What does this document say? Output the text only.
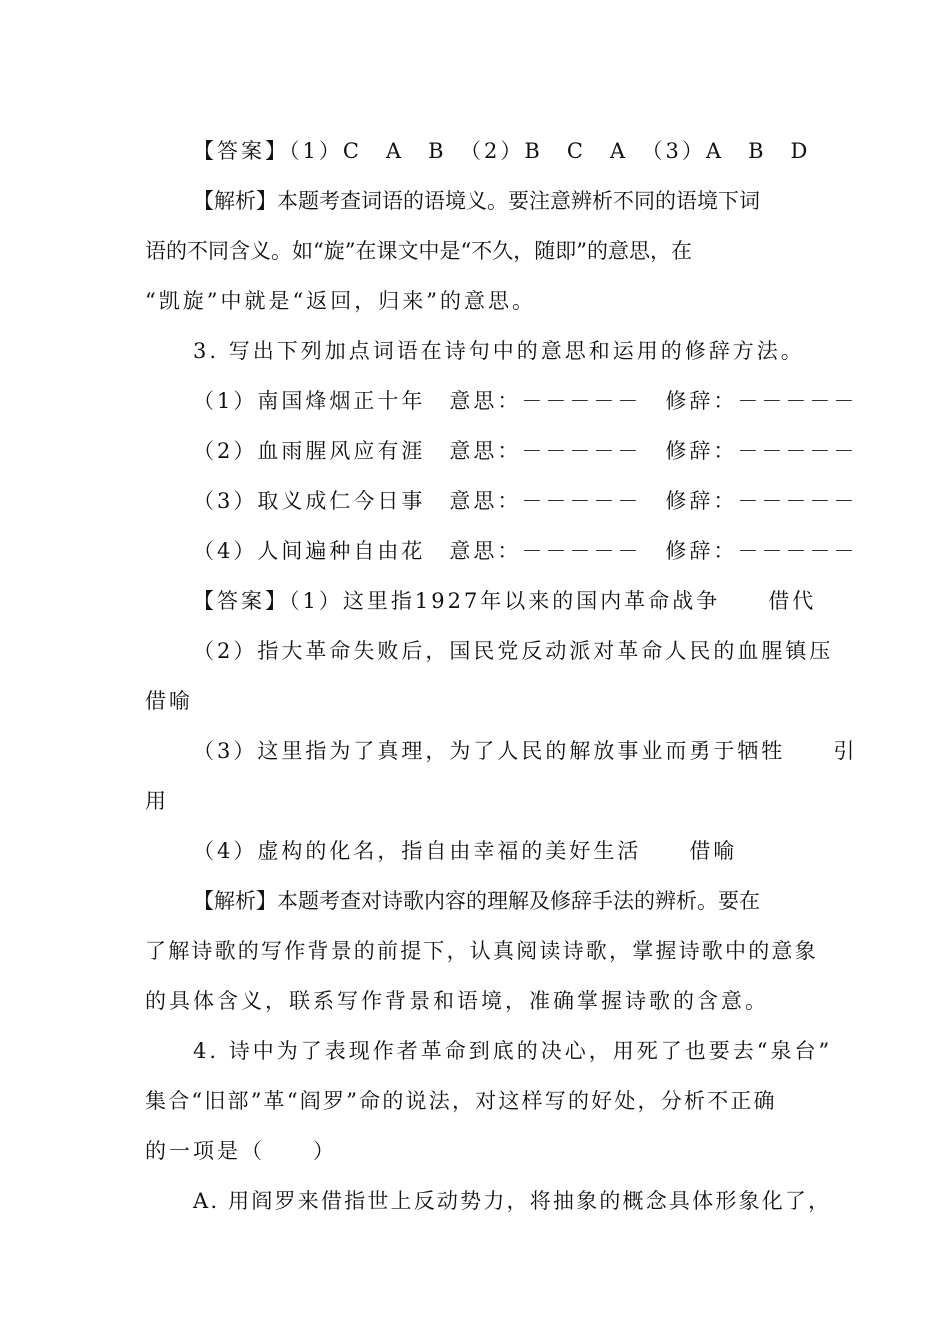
【答案】（1）C　A　B　（2）B　C　A　（3）A　B　D
【解析】本题考查词语的语境义。要注意辨析不同的语境下词
语的不同含义。如“旋”在课文中是“不久，随即”的意思，在
“凯旋”中就是“返回，归来”的意思。
3. 写出下列加点词语在诗句中的意思和运用的修辞方法。
（1）南国烽烟正十年　意思：－－－－－　修辞：－－－－－
（2）血雨腥风应有涯　意思：－－－－－　修辞：－－－－－
（3）取义成仁今日事　意思：－－－－－　修辞：－－－－－
（4）人间遍种自由花　意思：－－－－－　修辞：－－－－－
【答案】（1）这里指1927年以来的国内革命战争　　借代
（2）指大革命失败后，国民党反动派对革命人民的血腥镇压
借喻
（3）这里指为了真理，为了人民的解放事业而勇于牺牲　　引
用
（4）虚构的化名，指自由幸福的美好生活　　借喻
【解析】本题考查对诗歌内容的理解及修辞手法的辨析。要在
了解诗歌的写作背景的前提下，认真阅读诗歌，掌握诗歌中的意象
的具体含义，联系写作背景和语境，准确掌握诗歌的含意。
4. 诗中为了表现作者革命到底的决心，用死了也要去“泉台”
集合“旧部”革“阎罗”命的说法，对这样写的好处，分析不正确
的一项是（　　）
A. 用阎罗来借指世上反动势力，将抽象的概念具体形象化了，
